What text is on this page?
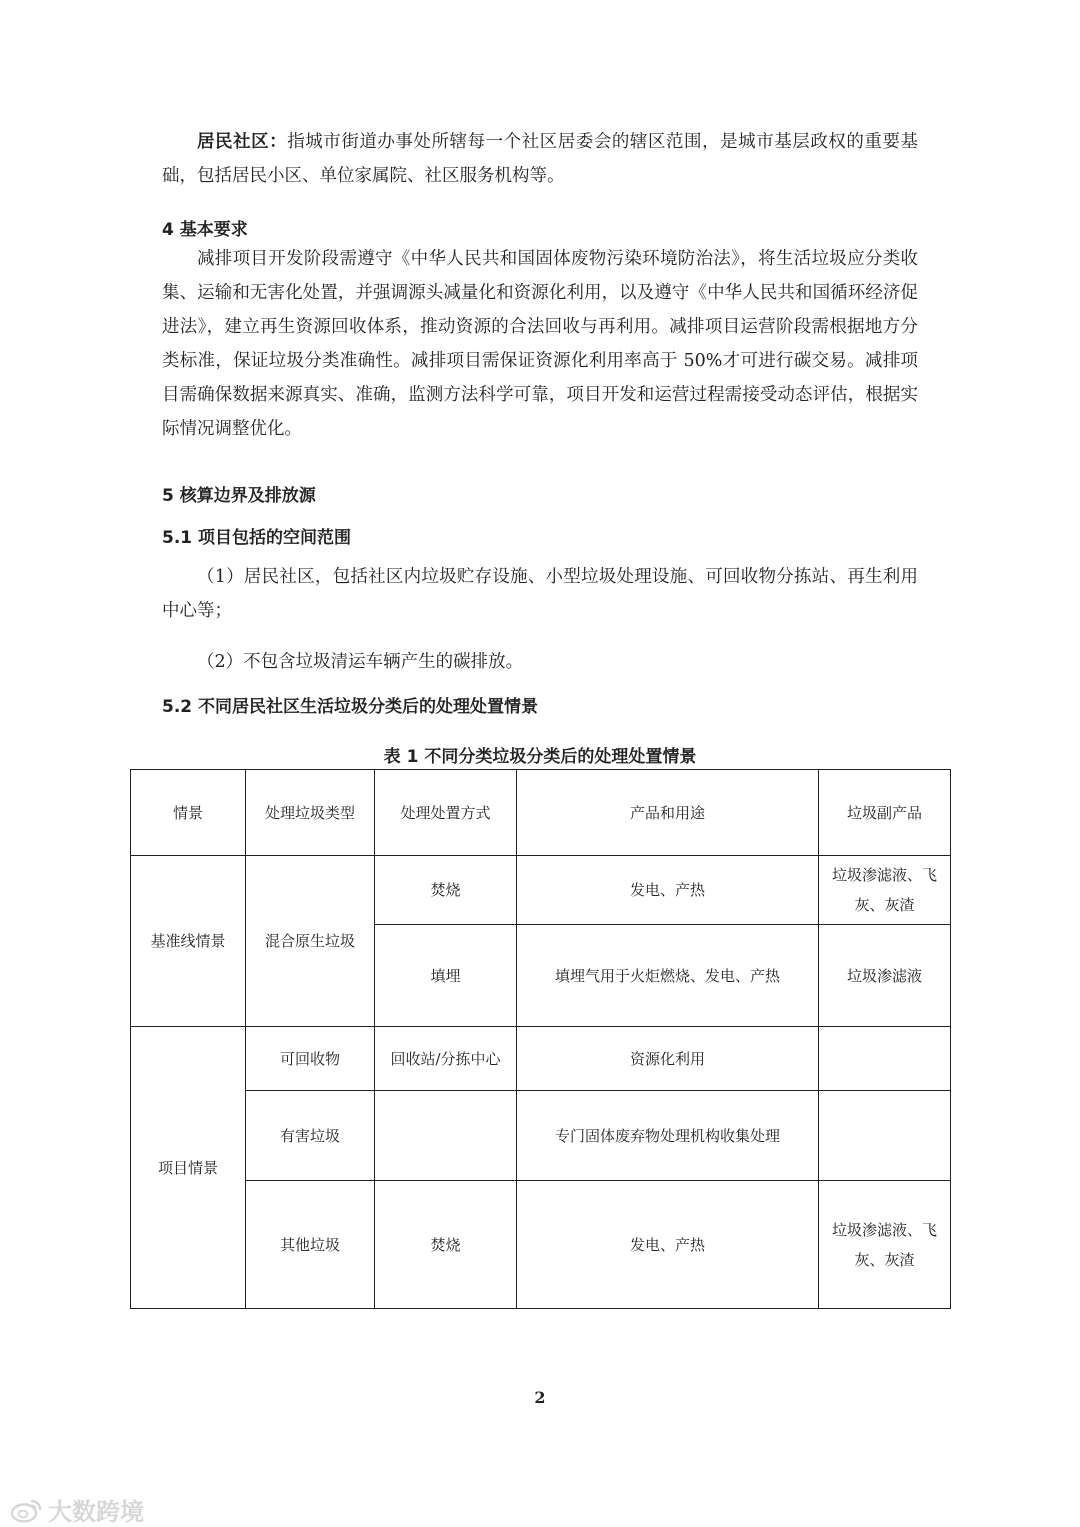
居民社区：指城市街道办事处所辖每一个社区居委会的辖区范围，是城市基层政权的重要基础，包括居民小区、单位家属院、社区服务机构等。

4 基本要求

减排项目开发阶段需遵守《中华人民共和国固体废物污染环境防治法》，将生活垃圾应分类收集、运输和无害化处置，并强调源头减量化和资源化利用，以及遵守《中华人民共和国循环经济促进法》，建立再生资源回收体系，推动资源的合法回收与再利用。减排项目运营阶段需根据地方分类标准，保证垃圾分类准确性。减排项目需保证资源化利用率高于 50%才可进行碳交易。减排项目需确保数据来源真实、准确，监测方法科学可靠，项目开发和运营过程需接受动态评估，根据实际情况调整优化。

5 核算边界及排放源

5.1 项目包括的空间范围

（1）居民社区，包括社区内垃圾贮存设施、小型垃圾处理设施、可回收物分拣站、再生利用中心等；

（2）不包含垃圾清运车辆产生的碳排放。

5.2 不同居民社区生活垃圾分类后的处理处置情景

表 1 不同分类垃圾分类后的处理处置情景

情景	处理垃圾类型	处理处置方式	产品和用途	垃圾副产品
基准线情景	混合原生垃圾	焚烧	发电、产热	垃圾渗滤液、飞灰、灰渣
		填埋	填埋气用于火炬燃烧、发电、产热	垃圾渗滤液
项目情景	可回收物	回收站/分拣中心	资源化利用	
	有害垃圾		专门固体废弃物处理机构收集处理	
	其他垃圾	焚烧	发电、产热	垃圾渗滤液、飞灰、灰渣

2

大数跨境
